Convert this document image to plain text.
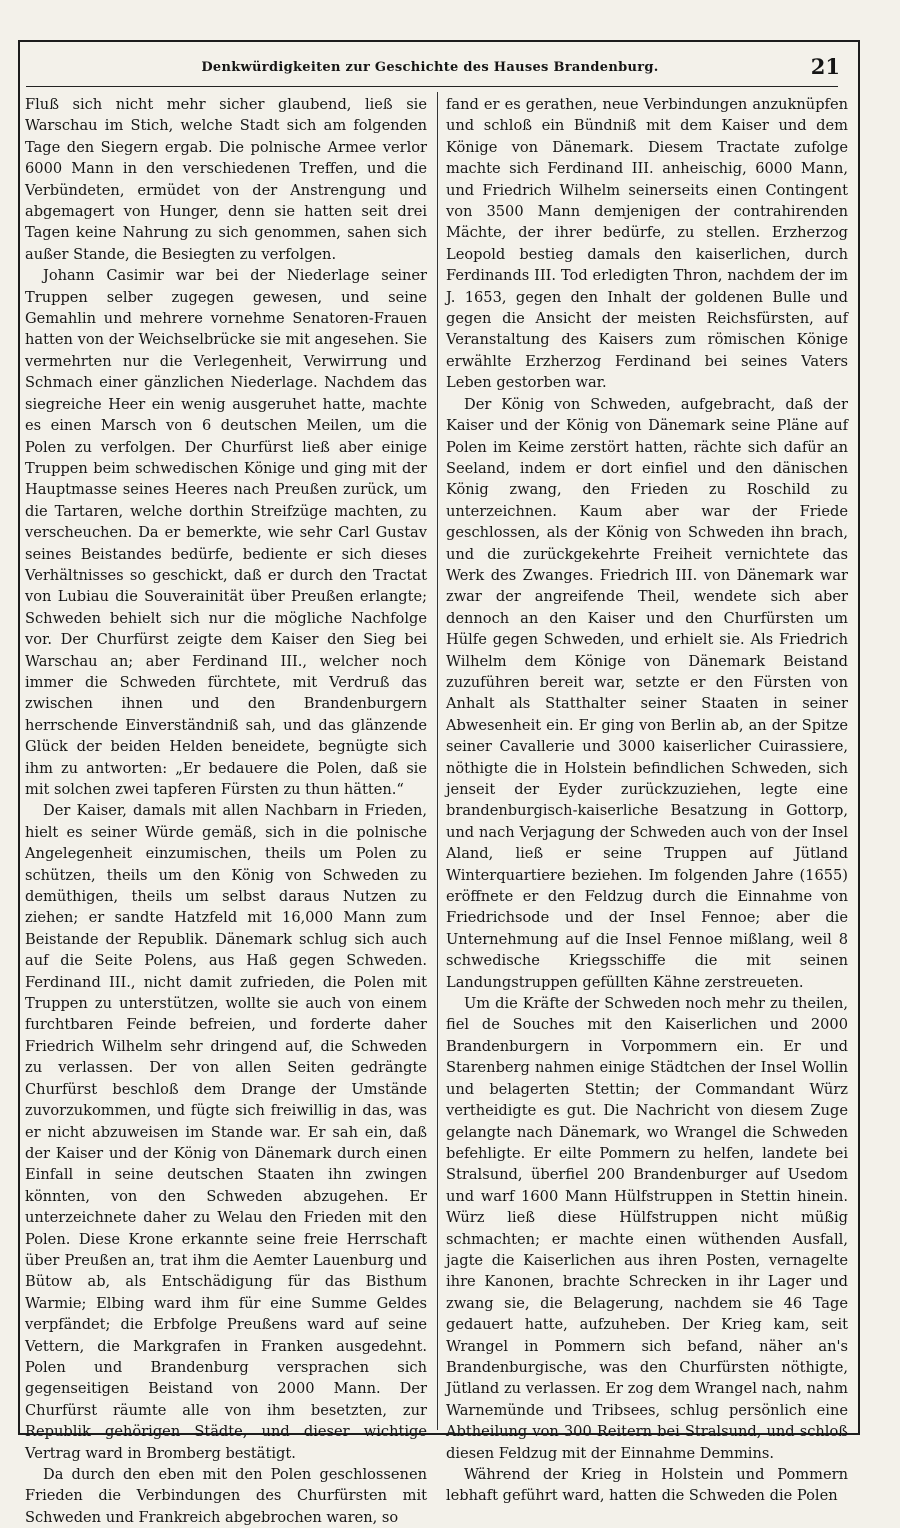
Denkwürdigkeiten zur Geschichte des Hauses Brandenburg.	21

Fluß sich nicht mehr sicher glaubend, ließ sie Warschau im Stich, welche Stadt sich am folgenden Tage den Siegern ergab. Die polnische Armee verlor 6000 Mann in den verschiedenen Treffen, und die Verbündeten, ermüdet von der Anstrengung und abgemagert von Hunger, denn sie hatten seit drei Tagen keine Nahrung zu sich genommen, sahen sich außer Stande, die Besiegten zu verfolgen.

Johann Casimir war bei der Niederlage seiner Truppen selber zugegen gewesen, und seine Gemahlin und mehrere vornehme Senatoren-Frauen hatten von der Weichselbrücke sie mit angesehen. Sie vermehrten nur die Verlegenheit, Verwirrung und Schmach einer gänzlichen Niederlage. Nachdem das siegreiche Heer ein wenig ausgeruhet hatte, machte es einen Marsch von 6 deutschen Meilen, um die Polen zu verfolgen. Der Churfürst ließ aber einige Truppen beim schwedischen Könige und ging mit der Hauptmasse seines Heeres nach Preußen zurück, um die Tartaren, welche dorthin Streifzüge machten, zu verscheuchen. Da er bemerkte, wie sehr Carl Gustav seines Beistandes bedürfe, bediente er sich dieses Verhältnisses so geschickt, daß er durch den Tractat von Lubiau die Souverainität über Preußen erlangte; Schweden behielt sich nur die mögliche Nachfolge vor. Der Churfürst zeigte dem Kaiser den Sieg bei Warschau an; aber Ferdinand III., welcher noch immer die Schweden fürchtete, mit Verdruß das zwischen ihnen und den Brandenburgern herrschende Einverständniß sah, und das glänzende Glück der beiden Helden beneidete, begnügte sich ihm zu antworten: „Er bedauere die Polen, daß sie mit solchen zwei tapferen Fürsten zu thun hätten.“

Der Kaiser, damals mit allen Nachbarn in Frieden, hielt es seiner Würde gemäß, sich in die polnische Angelegenheit einzumischen, theils um Polen zu schützen, theils um den König von Schweden zu demüthigen, theils um selbst daraus Nutzen zu ziehen; er sandte Hatzfeld mit 16,000 Mann zum Beistande der Republik. Dänemark schlug sich auch auf die Seite Polens, aus Haß gegen Schweden. Ferdinand III., nicht damit zufrieden, die Polen mit Truppen zu unterstützen, wollte sie auch von einem furchtbaren Feinde befreien, und forderte daher Friedrich Wilhelm sehr dringend auf, die Schweden zu verlassen. Der von allen Seiten gedrängte Churfürst beschloß dem Drange der Umstände zuvorzukommen, und fügte sich freiwillig in das, was er nicht abzuweisen im Stande war. Er sah ein, daß der Kaiser und der König von Dänemark durch einen Einfall in seine deutschen Staaten ihn zwingen könnten, von den Schweden abzugehen. Er unterzeichnete daher zu Welau den Frieden mit den Polen. Diese Krone erkannte seine freie Herrschaft über Preußen an, trat ihm die Aemter Lauenburg und Bütow ab, als Entschädigung für das Bisthum Warmie; Elbing ward ihm für eine Summe Geldes verpfändet; die Erbfolge Preußens ward auf seine Vettern, die Markgrafen in Franken ausgedehnt. Polen und Brandenburg versprachen sich gegenseitigen Beistand von 2000 Mann. Der Churfürst räumte alle von ihm besetzten, zur Republik gehörigen Städte, und dieser wichtige Vertrag ward in Bromberg bestätigt.

Da durch den eben mit den Polen geschlossenen Frieden die Verbindungen des Churfürsten mit Schweden und Frankreich abgebrochen waren, so

fand er es gerathen, neue Verbindungen anzuknüpfen und schloß ein Bündniß mit dem Kaiser und dem Könige von Dänemark. Diesem Tractate zufolge machte sich Ferdinand III. anheischig, 6000 Mann, und Friedrich Wilhelm seinerseits einen Contingent von 3500 Mann demjenigen der contrahirenden Mächte, der ihrer bedürfe, zu stellen. Erzherzog Leopold bestieg damals den kaiserlichen, durch Ferdinands III. Tod erledigten Thron, nachdem der im J. 1653, gegen den Inhalt der goldenen Bulle und gegen die Ansicht der meisten Reichsfürsten, auf Veranstaltung des Kaisers zum römischen Könige erwählte Erzherzog Ferdinand bei seines Vaters Leben gestorben war.

Der König von Schweden, aufgebracht, daß der Kaiser und der König von Dänemark seine Pläne auf Polen im Keime zerstört hatten, rächte sich dafür an Seeland, indem er dort einfiel und den dänischen König zwang, den Frieden zu Roschild zu unterzeichnen. Kaum aber war der Friede geschlossen, als der König von Schweden ihn brach, und die zurückgekehrte Freiheit vernichtete das Werk des Zwanges. Friedrich III. von Dänemark war zwar der angreifende Theil, wendete sich aber dennoch an den Kaiser und den Churfürsten um Hülfe gegen Schweden, und erhielt sie. Als Friedrich Wilhelm dem Könige von Dänemark Beistand zuzuführen bereit war, setzte er den Fürsten von Anhalt als Statthalter seiner Staaten in seiner Abwesenheit ein. Er ging von Berlin ab, an der Spitze seiner Cavallerie und 3000 kaiserlicher Cuirassiere, nöthigte die in Holstein befindlichen Schweden, sich jenseit der Eyder zurückzuziehen, legte eine brandenburgisch-kaiserliche Besatzung in Gottorp, und nach Verjagung der Schweden auch von der Insel Aland, ließ er seine Truppen auf Jütland Winterquartiere beziehen. Im folgenden Jahre (1655) eröffnete er den Feldzug durch die Einnahme von Friedrichsode und der Insel Fennoe; aber die Unternehmung auf die Insel Fennoe mißlang, weil 8 schwedische Kriegsschiffe die mit seinen Landungstruppen gefüllten Kähne zerstreueten.

Um die Kräfte der Schweden noch mehr zu theilen, fiel de Souches mit den Kaiserlichen und 2000 Brandenburgern in Vorpommern ein. Er und Starenberg nahmen einige Städtchen der Insel Wollin und belagerten Stettin; der Commandant Würz vertheidigte es gut. Die Nachricht von diesem Zuge gelangte nach Dänemark, wo Wrangel die Schweden befehligte. Er eilte Pommern zu helfen, landete bei Stralsund, überfiel 200 Brandenburger auf Usedom und warf 1600 Mann Hülfstruppen in Stettin hinein. Würz ließ diese Hülfstruppen nicht müßig schmachten; er machte einen wüthenden Ausfall, jagte die Kaiserlichen aus ihren Posten, vernagelte ihre Kanonen, brachte Schrecken in ihr Lager und zwang sie, die Belagerung, nachdem sie 46 Tage gedauert hatte, aufzuheben. Der Krieg kam, seit Wrangel in Pommern sich befand, näher an's Brandenburgische, was den Churfürsten nöthigte, Jütland zu verlassen. Er zog dem Wrangel nach, nahm Warnemünde und Tribsees, schlug persönlich eine Abtheilung von 300 Reitern bei Stralsund, und schloß diesen Feldzug mit der Einnahme Demmins.

Während der Krieg in Holstein und Pommern lebhaft geführt ward, hatten die Schweden die Polen
